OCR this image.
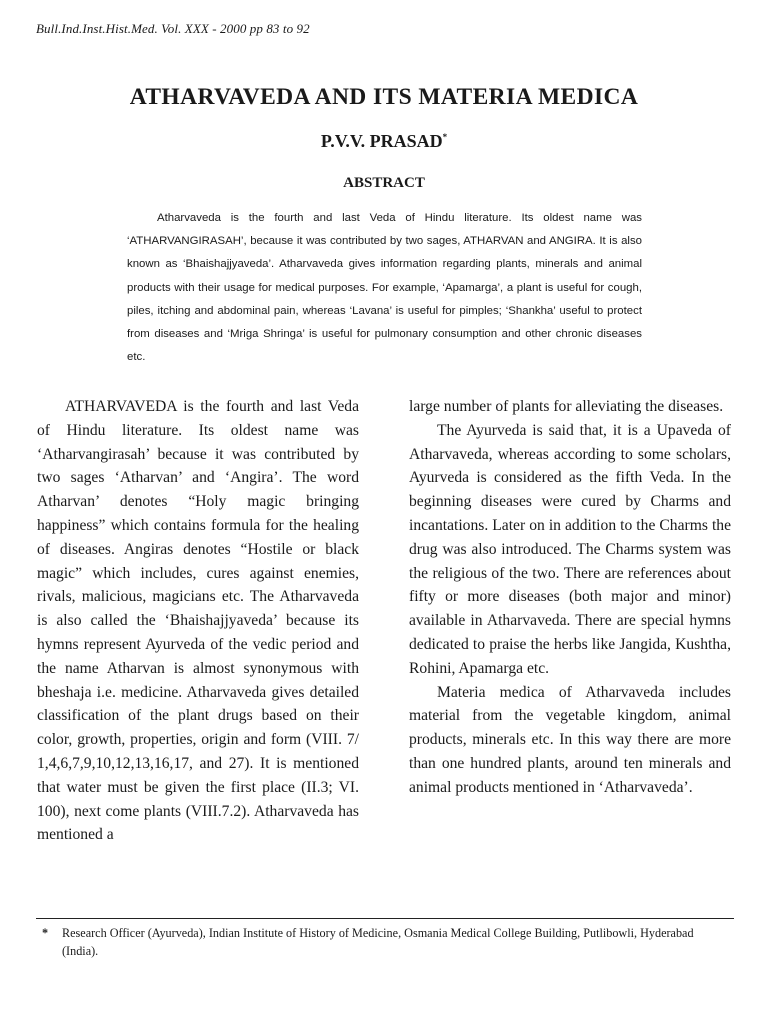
Bull.Ind.Inst.Hist.Med. Vol. XXX - 2000 pp 83 to 92
ATHARVAVEDA AND ITS MATERIA MEDICA
P.V.V. PRASAD*
ABSTRACT

Atharvaveda is the fourth and last Veda of Hindu literature. Its oldest name was ‘ATHARVANGIRASAH’, because it was contributed by two sages, ATHARVAN and ANGIRA. It is also known as ‘Bhaishajjyaveda’. Atharvaveda gives information regarding plants, minerals and animal products with their usage for medical purposes. For example, ‘Apamarga’, a plant is useful for cough, piles, itching and abdominal pain, whereas ‘Lavana’ is useful for pimples; ‘Shankha’ useful to protect from diseases and ‘Mriga Shringa’ is useful for pulmonary consumption and other chronic diseases etc.

ATHARVAVEDA is the fourth and last Veda of Hindu literature. Its oldest name was ‘Atharvangirasah’ because it was contributed by two sages ‘Atharvan’ and ‘Angira’. The word Atharvan’ denotes “Holy magic bringing happiness” which contains formula for the healing of diseases. Angiras denotes “Hostile or black magic” which includes, cures against enemies, rivals, malicious, magicians etc. The Atharvaveda is also called the ‘Bhaishajjyaveda’ because its hymns represent Ayurveda of the vedic period and the name Atharvan is almost synonymous with bheshaja i.e. medicine. Atharvaveda gives detailed classification of the plant drugs based on their color, growth, properties, origin and form (VIII. 7/ 1,4,6,7,9,10,12,13,16,17, and 27). It is mentioned that water must be given the first place (II.3; VI. 100), next come plants (VIII.7.2). Atharvaveda has mentioned a

large number of plants for alleviating the diseases.

The Ayurveda is said that, it is a Upaveda of Atharvaveda, whereas according to some scholars, Ayurveda is considered as the fifth Veda. In the beginning diseases were cured by Charms and incantations. Later on in addition to the Charms the drug was also introduced. The Charms system was the religious of the two. There are references about fifty or more diseases (both major and minor) available in Atharvaveda. There are special hymns dedicated to praise the herbs like Jangida, Kushtha, Rohini, Apamarga etc.

Materia medica of Atharvaveda includes material from the vegetable kingdom, animal products, minerals etc. In this way there are more than one hundred plants, around ten minerals and animal products mentioned in ‘Atharvaveda’.

*	Research Officer (Ayurveda), Indian Institute of History of Medicine, Osmania Medical College Building, Putlibowli, Hyderabad (India).
